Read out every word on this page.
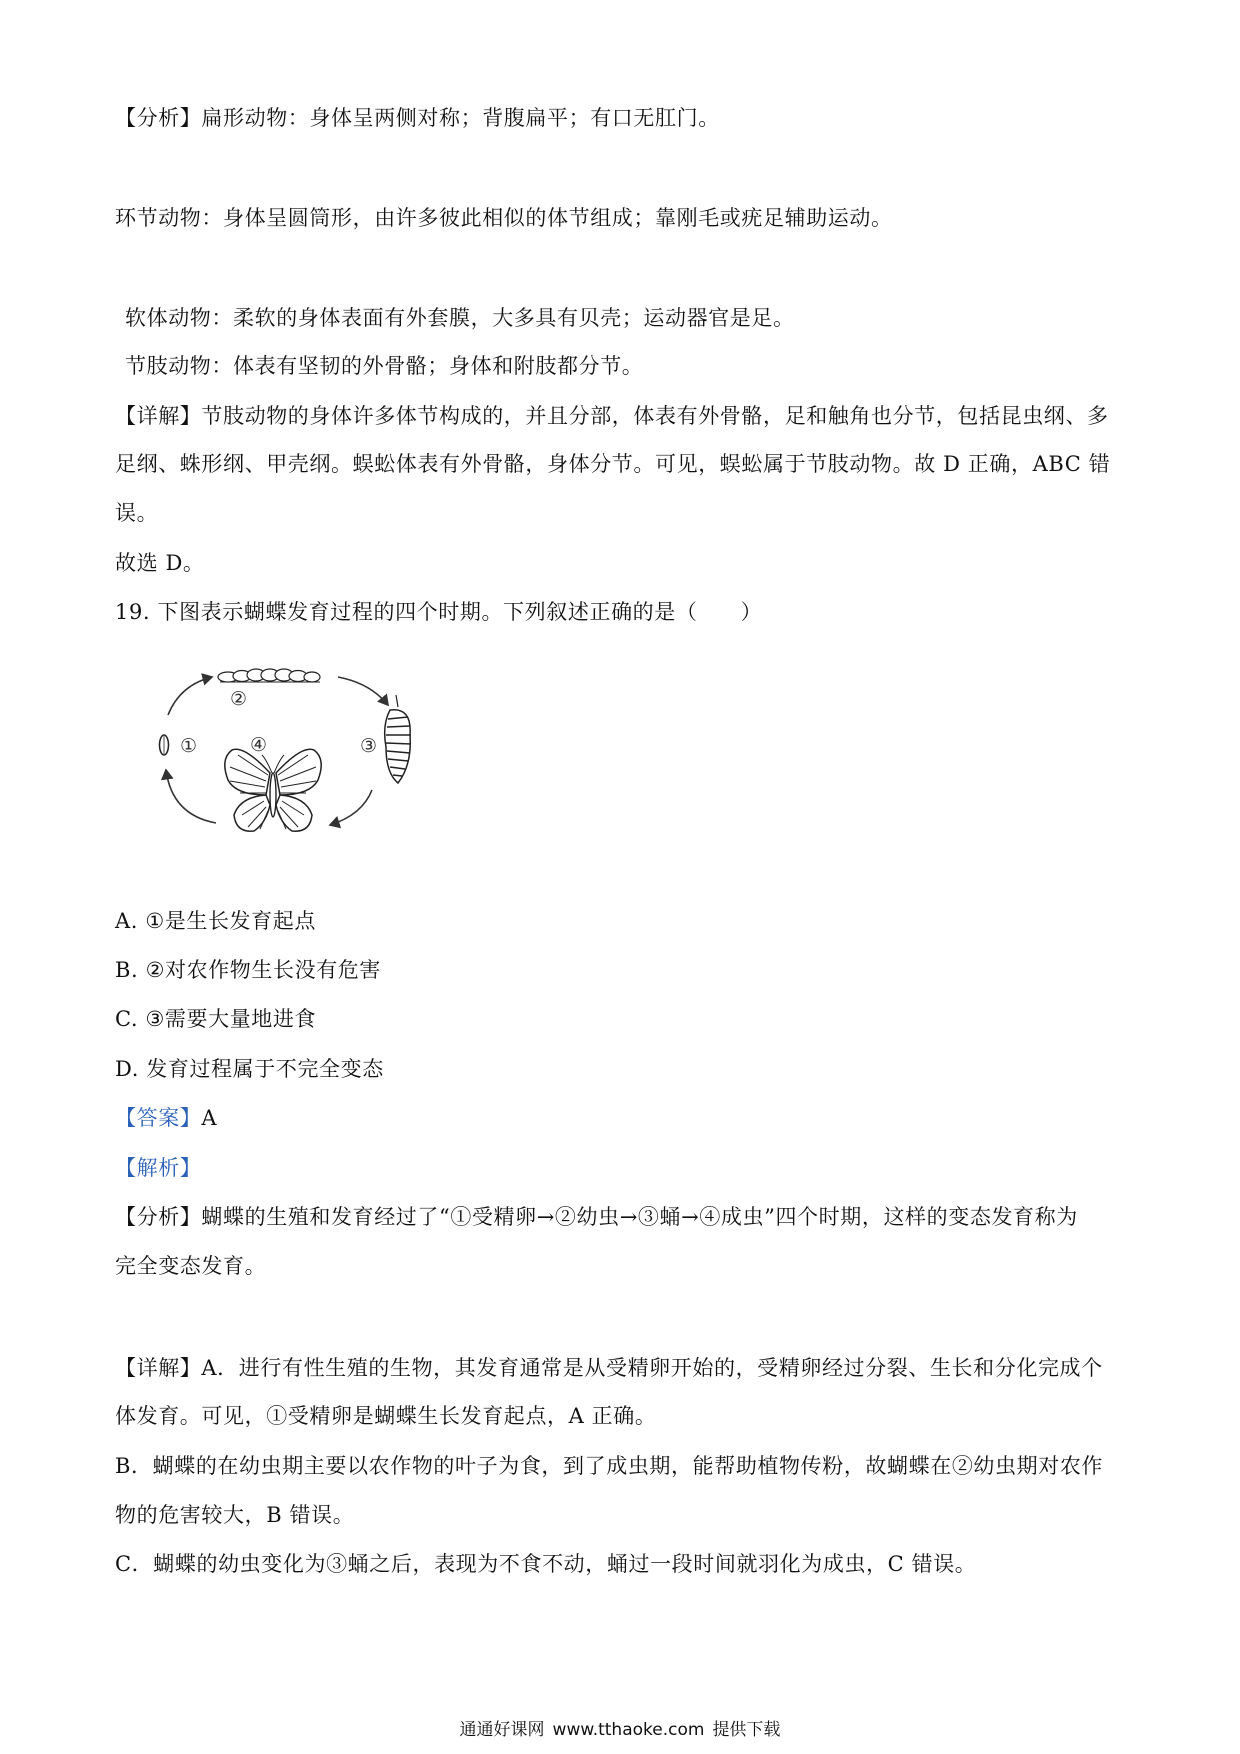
【分析】扁形动物：身体呈两侧对称；背腹扁平；有口无肛门。
环节动物：身体呈圆筒形，由许多彼此相似的体节组成；靠刚毛或疣足辅助运动。
软体动物：柔软的身体表面有外套膜，大多具有贝壳；运动器官是足。
节肢动物：体表有坚韧的外骨骼；身体和附肢都分节。
【详解】节肢动物的身体许多体节构成的，并且分部，体表有外骨骼，足和触角也分节，包括昆虫纲、多
足纲、蛛形纲、甲壳纲。蜈蚣体表有外骨骼，身体分节。可见，蜈蚣属于节肢动物。故 D 正确，ABC 错
误。
故选 D。
19. 下图表示蝴蝶发育过程的四个时期。下列叙述正确的是（　　）
①
②
③
④
A. ①是生长发育起点
B. ②对农作物生长没有危害
C. ③需要大量地进食
D. 发育过程属于不完全变态
【答案】A
【解析】
【分析】蝴蝶的生殖和发育经过了“①受精卵→②幼虫→③蛹→④成虫”四个时期，这样的变态发育称为
完全变态发育。
【详解】A．进行有性生殖的生物，其发育通常是从受精卵开始的，受精卵经过分裂、生长和分化完成个
体发育。可见，①受精卵是蝴蝶生长发育起点，A 正确。
B．蝴蝶的在幼虫期主要以农作物的叶子为食，到了成虫期，能帮助植物传粉，故蝴蝶在②幼虫期对农作
物的危害较大，B 错误。
C．蝴蝶的幼虫变化为③蛹之后，表现为不食不动，蛹过一段时间就羽化为成虫，C 错误。
通通好课网 www.tthaoke.com 提供下载
